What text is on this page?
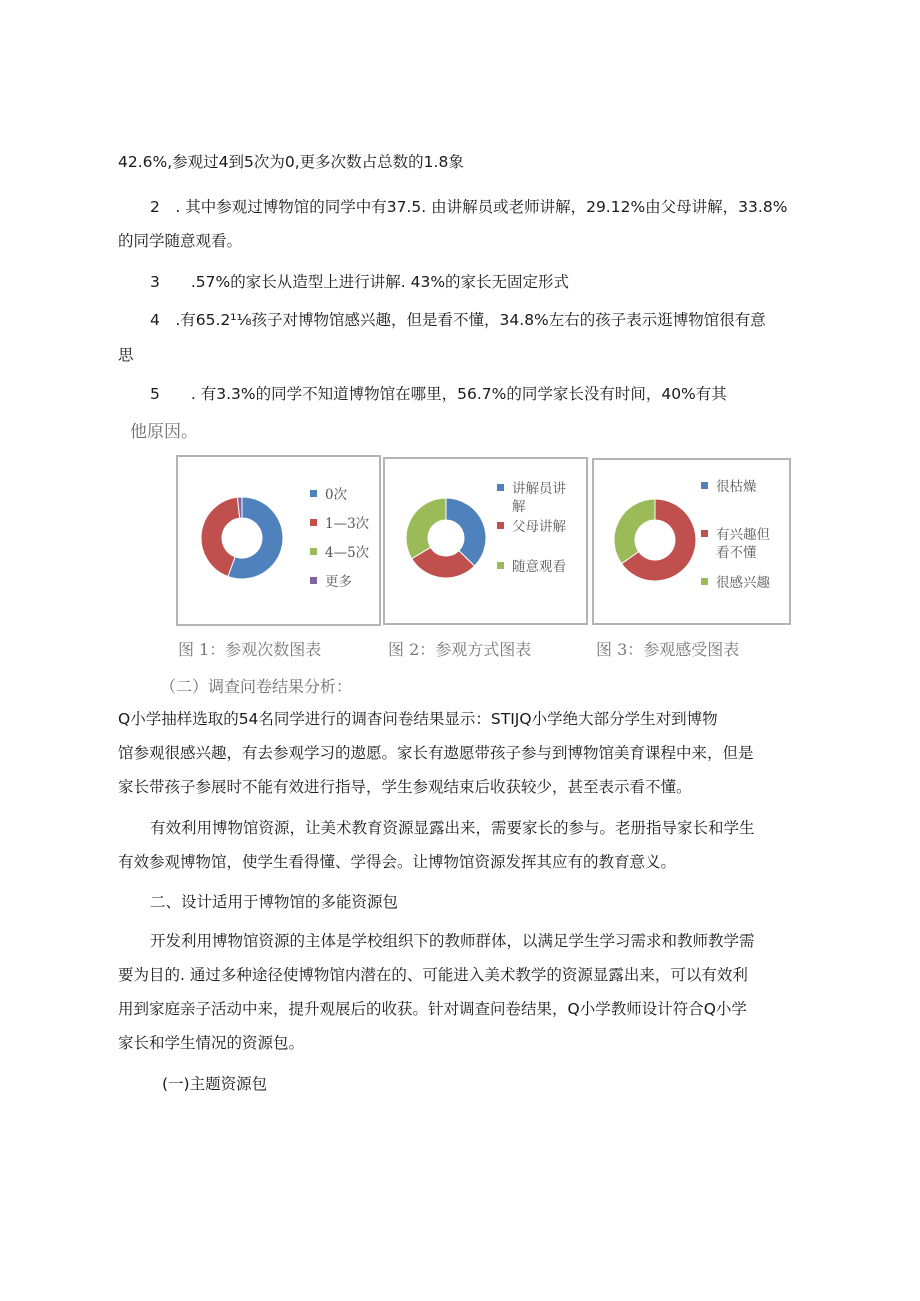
42.6%,参观过4到5次为0,更多次数占总数的1.8象

2　. 其中参观过博物馆的同学中有37.5. 由讲解员或老师讲解，29.12%由父母讲解，33.8%

的同学随意观看。

3　　.57%的家长从造型上进行讲解. 43%的家长无固定形式

4　.有65.2¹⅛孩子对博物馆感兴趣，但是看不懂，34.8%左右的孩子表示逛博物馆很有意

思

5　　. 有3.3%的同学不知道博物馆在哪里，56.7%的同学家长没有时间，40%有其

他原因。

0次
1—3次
4—5次
更多
讲解员讲
解
父母讲解
随意观看
很枯燥
有兴趣但
看不懂
很感兴趣
图 1：参观次数图表	图 2：参观方式图表	图 3：参观感受图表

（二）调查问卷结果分析：

Q小学抽样选取的54名同学进行的调杳问卷结果显示：STIJQ小学绝大部分学生对到博物

馆参观很感兴趣，有去参观学习的遨愿。家长有遨愿带孩子参与到博物馆美育课程中来，但是

家长带孩子参展时不能有效进行指导，学生参观结束后收获较少，甚至表示看不懂。

有效利用博物馆资源，让美术教育资源显露出来，需要家长的参与。老册指导家长和学生

有效参观博物馆，使学生看得懂、学得会。让博物馆资源发挥其应有的教育意义。

二、设计适用于博物馆的多能资源包

开发利用博物馆资源的主体是学校组织下的教师群体，以满足学生学习需求和教师教学需

要为目的. 通过多种途径使博物馆内潜在的、可能进入美术教学的资源显露出来，可以有效利

用到家庭亲子活动中来，提升观展后的收获。针对调查问卷结果，Q小学教师设计符合Q小学

家长和学生情况的资源包。

(一)主题资源包
